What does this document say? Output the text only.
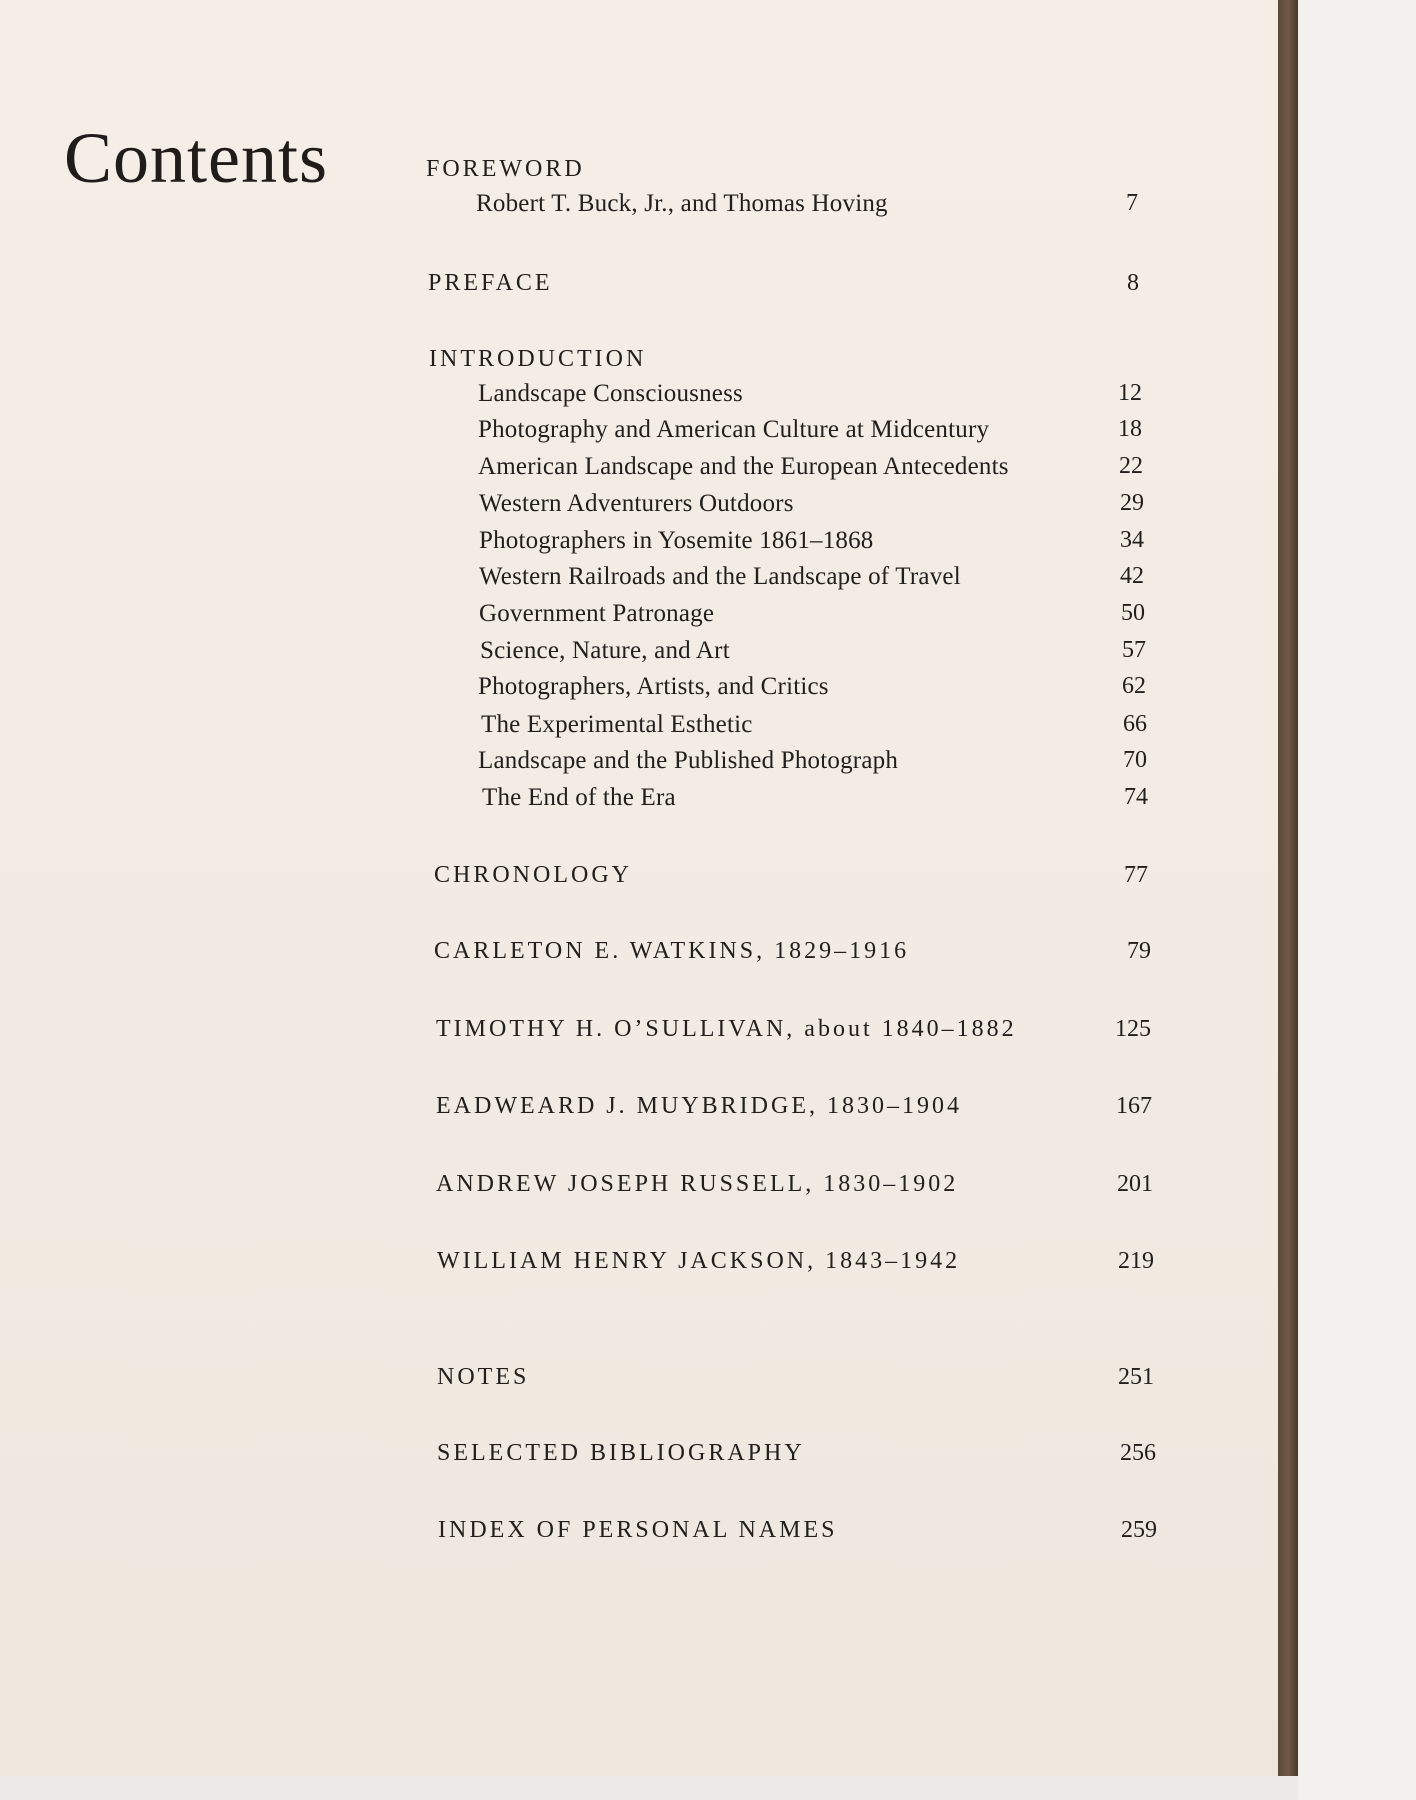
Contents	FOREWORD
Robert T. Buck, Jr., and Thomas Hoving	7
PREFACE	8
INTRODUCTION
Landscape Consciousness	12
Photography and American Culture at Midcentury	18
American Landscape and the European Antecedents	22
Western Adventurers Outdoors	29
Photographers in Yosemite 1861–1868	34
Western Railroads and the Landscape of Travel	42
Government Patronage	50
Science, Nature, and Art	57
Photographers, Artists, and Critics	62
The Experimental Esthetic	66
Landscape and the Published Photograph	70
The End of the Era	74
CHRONOLOGY	77
CARLETON E. WATKINS, 1829–1916	79
TIMOTHY H. O’SULLIVAN, about 1840–1882	125
EADWEARD J. MUYBRIDGE, 1830–1904	167
ANDREW JOSEPH RUSSELL, 1830–1902	201
WILLIAM HENRY JACKSON, 1843–1942	219
NOTES	251
SELECTED BIBLIOGRAPHY	256
INDEX OF PERSONAL NAMES	259
